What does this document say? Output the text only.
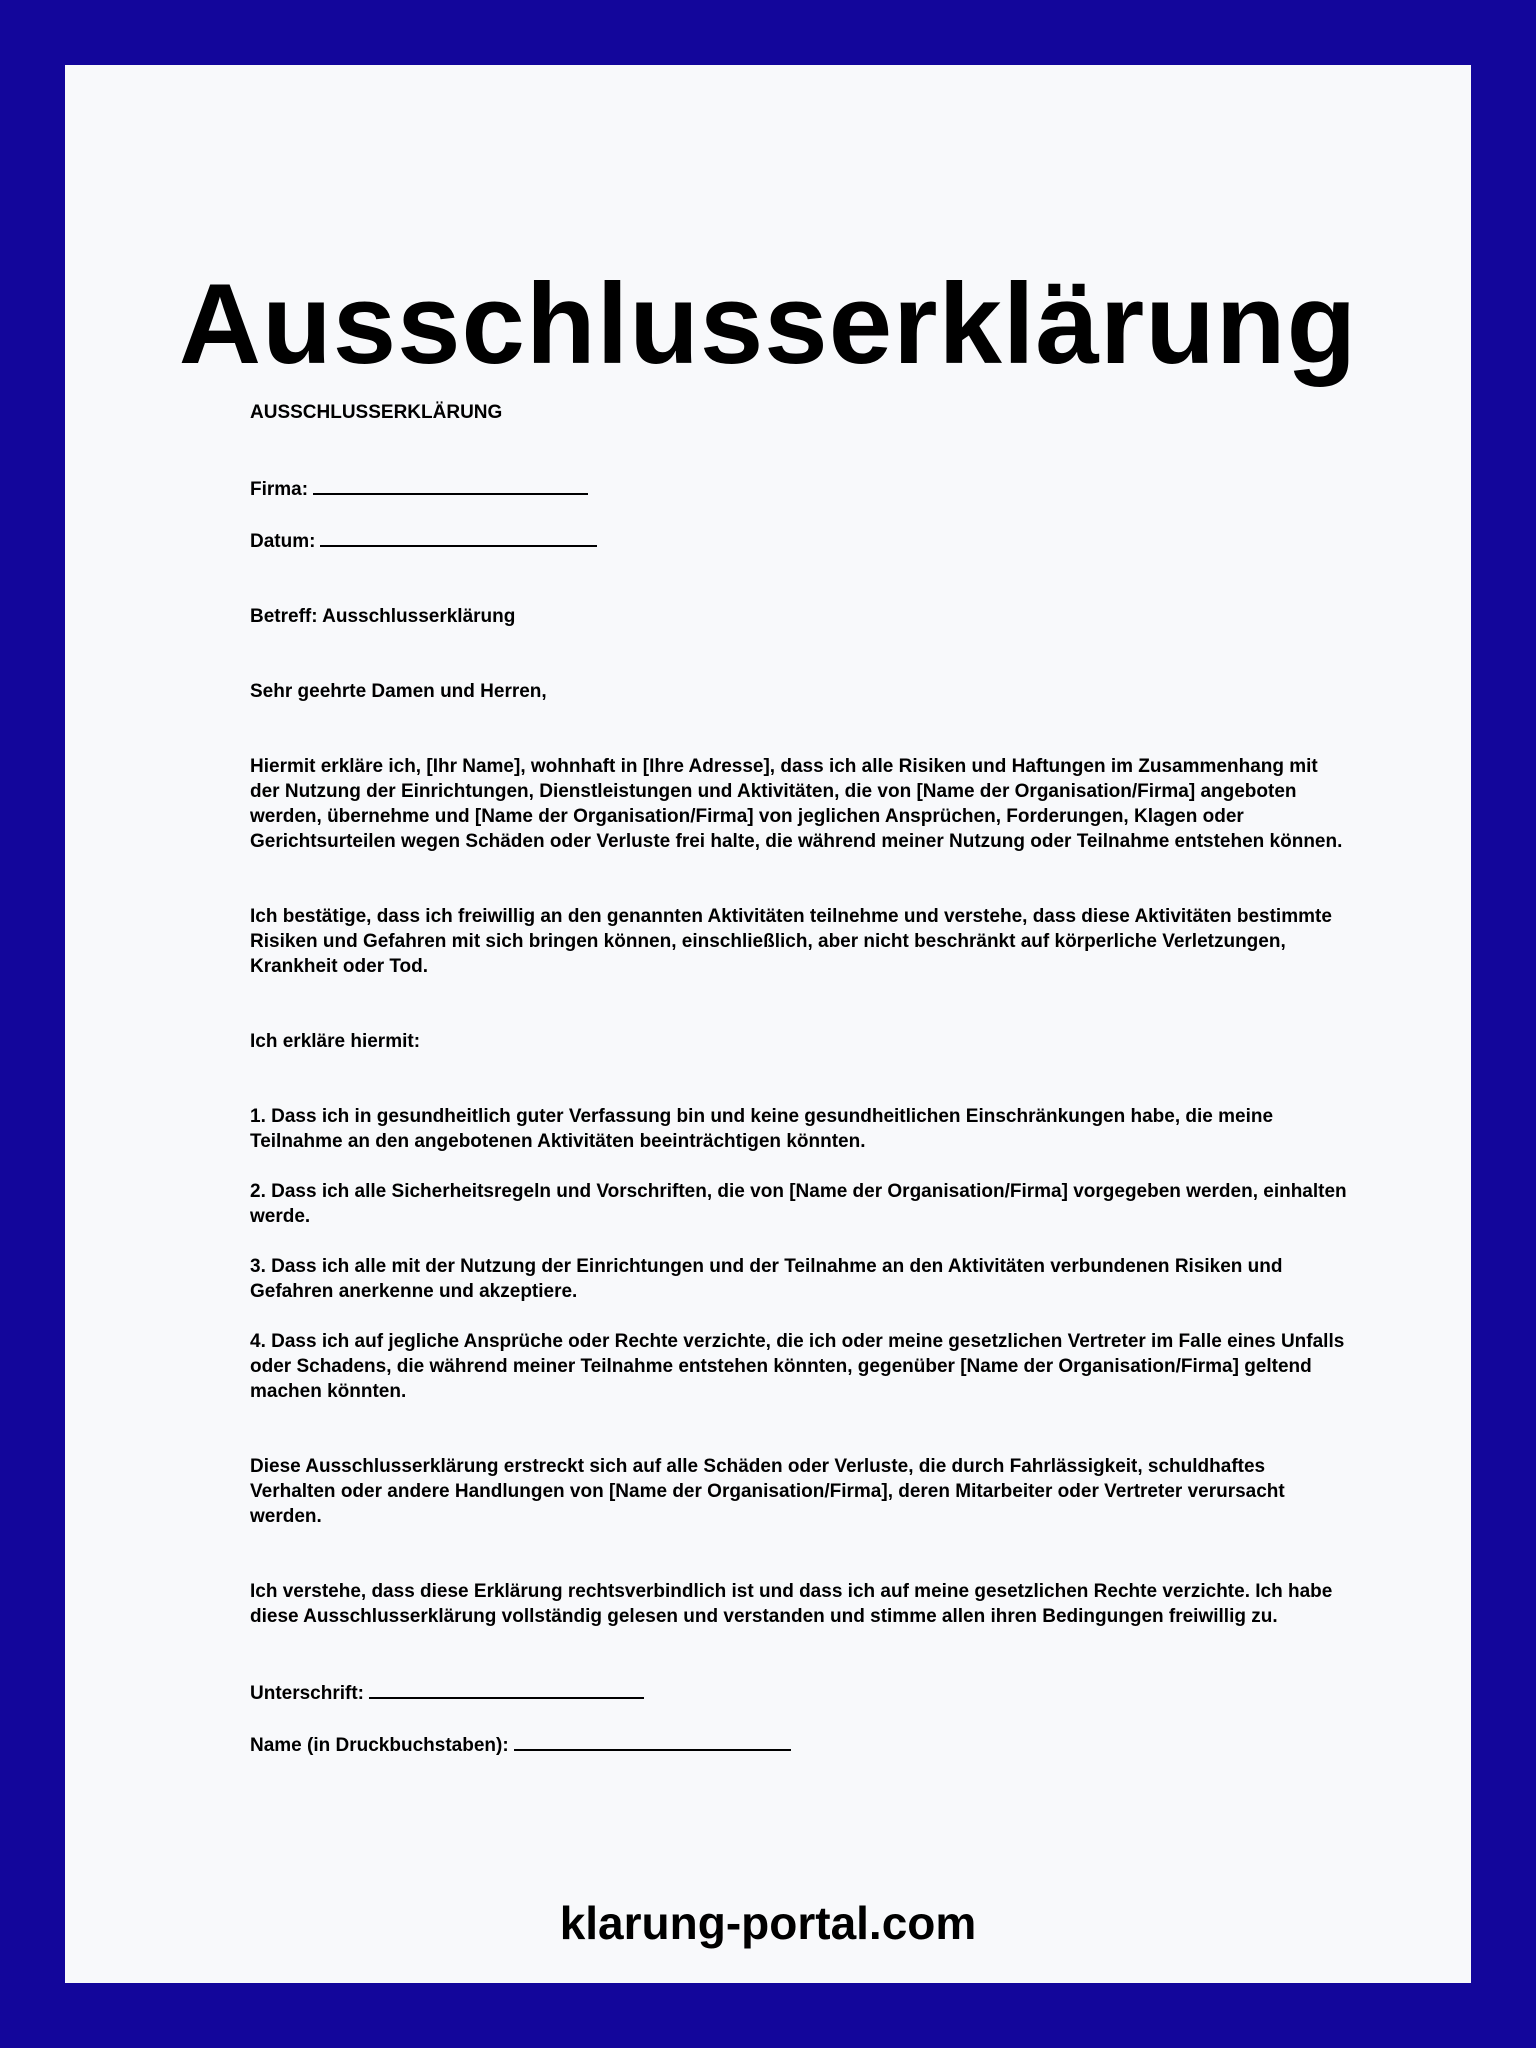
Ausschlusserklärung

AUSSCHLUSSERKLÄRUNG

Firma:

Datum:

Betreff: Ausschlusserklärung

Sehr geehrte Damen und Herren,

Hiermit erkläre ich, [Ihr Name], wohnhaft in [Ihre Adresse], dass ich alle Risiken und Haftungen im Zusammenhang mit der Nutzung der Einrichtungen, Dienstleistungen und Aktivitäten, die von [Name der Organisation/Firma] angeboten werden, übernehme und [Name der Organisation/Firma] von jeglichen Ansprüchen, Forderungen, Klagen oder Gerichtsurteilen wegen Schäden oder Verluste frei halte, die während meiner Nutzung oder Teilnahme entstehen können.

Ich bestätige, dass ich freiwillig an den genannten Aktivitäten teilnehme und verstehe, dass diese Aktivitäten bestimmte Risiken und Gefahren mit sich bringen können, einschließlich, aber nicht beschränkt auf körperliche Verletzungen, Krankheit oder Tod.

Ich erkläre hiermit:

1. Dass ich in gesundheitlich guter Verfassung bin und keine gesundheitlichen Einschränkungen habe, die meine Teilnahme an den angebotenen Aktivitäten beeinträchtigen könnten.

2. Dass ich alle Sicherheitsregeln und Vorschriften, die von [Name der Organisation/Firma] vorgegeben werden, einhalten werde.

3. Dass ich alle mit der Nutzung der Einrichtungen und der Teilnahme an den Aktivitäten verbundenen Risiken und Gefahren anerkenne und akzeptiere.

4. Dass ich auf jegliche Ansprüche oder Rechte verzichte, die ich oder meine gesetzlichen Vertreter im Falle eines Unfalls oder Schadens, die während meiner Teilnahme entstehen könnten, gegenüber [Name der Organisation/Firma] geltend machen könnten.

Diese Ausschlusserklärung erstreckt sich auf alle Schäden oder Verluste, die durch Fahrlässigkeit, schuldhaftes Verhalten oder andere Handlungen von [Name der Organisation/Firma], deren Mitarbeiter oder Vertreter verursacht werden.

Ich verstehe, dass diese Erklärung rechtsverbindlich ist und dass ich auf meine gesetzlichen Rechte verzichte. Ich habe diese Ausschlusserklärung vollständig gelesen und verstanden und stimme allen ihren Bedingungen freiwillig zu.

Unterschrift:

Name (in Druckbuchstaben):

klarung-portal.com
